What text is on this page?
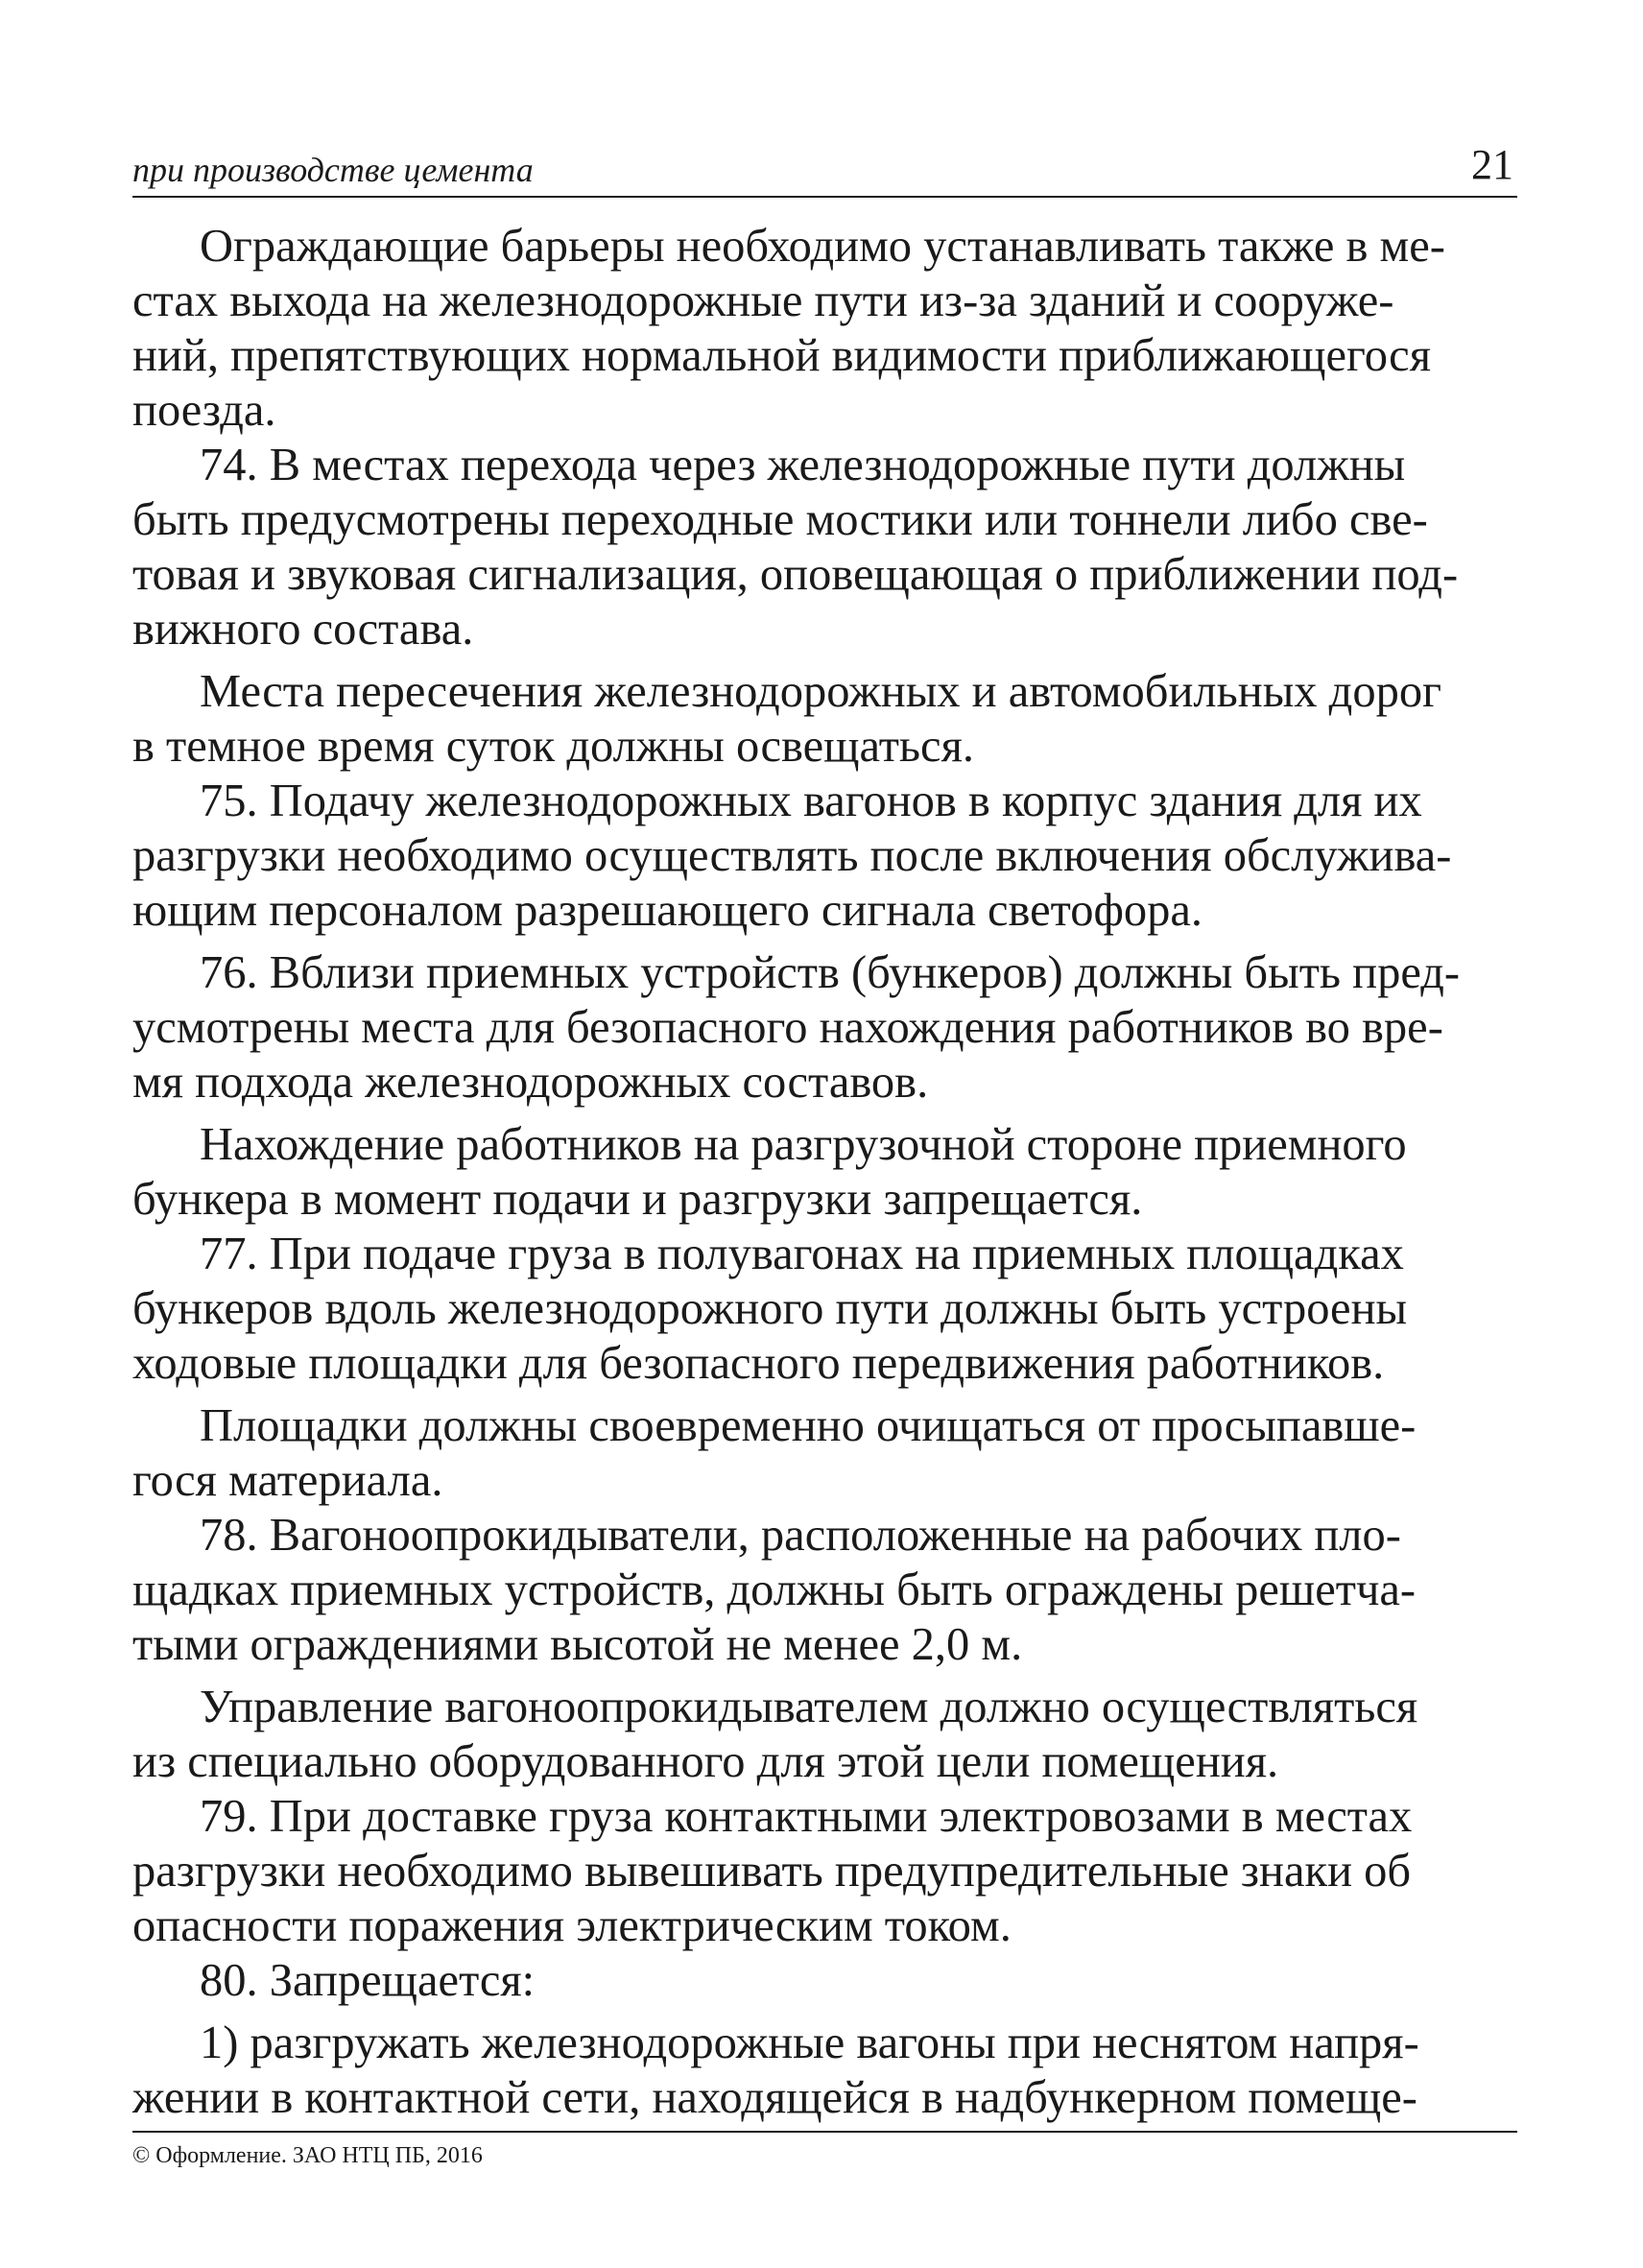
при производстве цемента	21
Ограждающие барьеры необходимо устанавливать также в ме-
стах выхода на железнодорожные пути из-за зданий и сооруже-
ний, препятствующих нормальной видимости приближающегося
поезда.
74. В местах перехода через железнодорожные пути должны
быть предусмотрены переходные мостики или тоннели либо све-
товая и звуковая сигнализация, оповещающая о приближении под-
вижного состава.
Места пересечения железнодорожных и автомобильных дорог
в темное время суток должны освещаться.
75. Подачу железнодорожных вагонов в корпус здания для их
разгрузки необходимо осуществлять после включения обслужива-
ющим персоналом разрешающего сигнала светофора.
76. Вблизи приемных устройств (бункеров) должны быть пред-
усмотрены места для безопасного нахождения работников во вре-
мя подхода железнодорожных составов.
Нахождение работников на разгрузочной стороне приемного
бункера в момент подачи и разгрузки запрещается.
77. При подаче груза в полувагонах на приемных площадках
бункеров вдоль железнодорожного пути должны быть устроены
ходовые площадки для безопасного передвижения работников.
Площадки должны своевременно очищаться от просыпавше-
гося материала.
78. Вагоноопрокидыватели, расположенные на рабочих пло-
щадках приемных устройств, должны быть ограждены решетча-
тыми ограждениями высотой не менее 2,0 м.
Управление вагоноопрокидывателем должно осуществляться
из специально оборудованного для этой цели помещения.
79. При доставке груза контактными электровозами в местах
разгрузки необходимо вывешивать предупредительные знаки об
опасности поражения электрическим током.
80. Запрещается:
1) разгружать железнодорожные вагоны при неснятом напря-
жении в контактной сети, находящейся в надбункерном помеще-
© Оформление. ЗАО НТЦ ПБ, 2016
